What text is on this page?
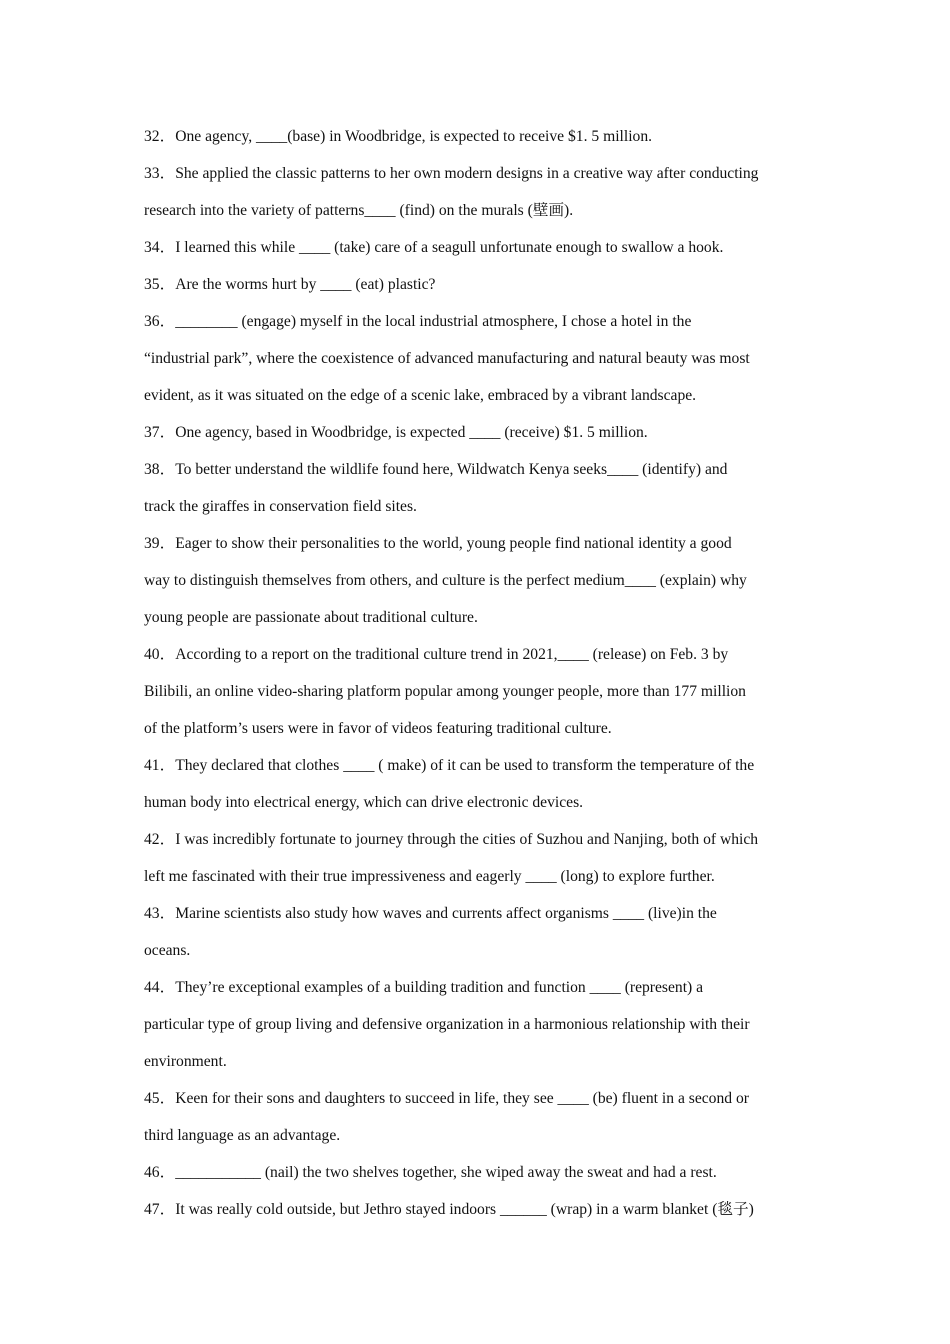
32．One agency, ____(base) in Woodbridge, is expected to receive $1. 5 million.
33．She applied the classic patterns to her own modern designs in a creative way after conducting
research into the variety of patterns____ (find) on the murals (壁画).
34．I learned this while ____ (take) care of a seagull unfortunate enough to swallow a hook.
35．Are the worms hurt by ____ (eat) plastic?
36．________ (engage) myself in the local industrial atmosphere, I chose a hotel in the
“industrial park”, where the coexistence of advanced manufacturing and natural beauty was most
evident, as it was situated on the edge of a scenic lake, embraced by a vibrant landscape.
37．One agency, based in Woodbridge, is expected ____ (receive) $1. 5 million.
38．To better understand the wildlife found here, Wildwatch Kenya seeks____ (identify) and
track the giraffes in conservation field sites.
39．Eager to show their personalities to the world, young people find national identity a good
way to distinguish themselves from others, and culture is the perfect medium____ (explain) why
young people are passionate about traditional culture.
40．According to a report on the traditional culture trend in 2021,____ (release) on Feb. 3 by
Bilibili, an online video-sharing platform popular among younger people, more than 177 million
of the platform’s users were in favor of videos featuring traditional culture.
41．They declared that clothes ____ ( make) of it can be used to transform the temperature of the
human body into electrical energy, which can drive electronic devices.
42．I was incredibly fortunate to journey through the cities of Suzhou and Nanjing, both of which
left me fascinated with their true impressiveness and eagerly ____ (long) to explore further.
43．Marine scientists also study how waves and currents affect organisms ____ (live)in the
oceans.
44．They’re exceptional examples of a building tradition and function ____ (represent) a
particular type of group living and defensive organization in a harmonious relationship with their
environment.
45．Keen for their sons and daughters to succeed in life, they see ____ (be) fluent in a second or
third language as an advantage.
46．___________ (nail) the two shelves together, she wiped away the sweat and had a rest.
47．It was really cold outside, but Jethro stayed indoors ______ (wrap) in a warm blanket (毯子)
